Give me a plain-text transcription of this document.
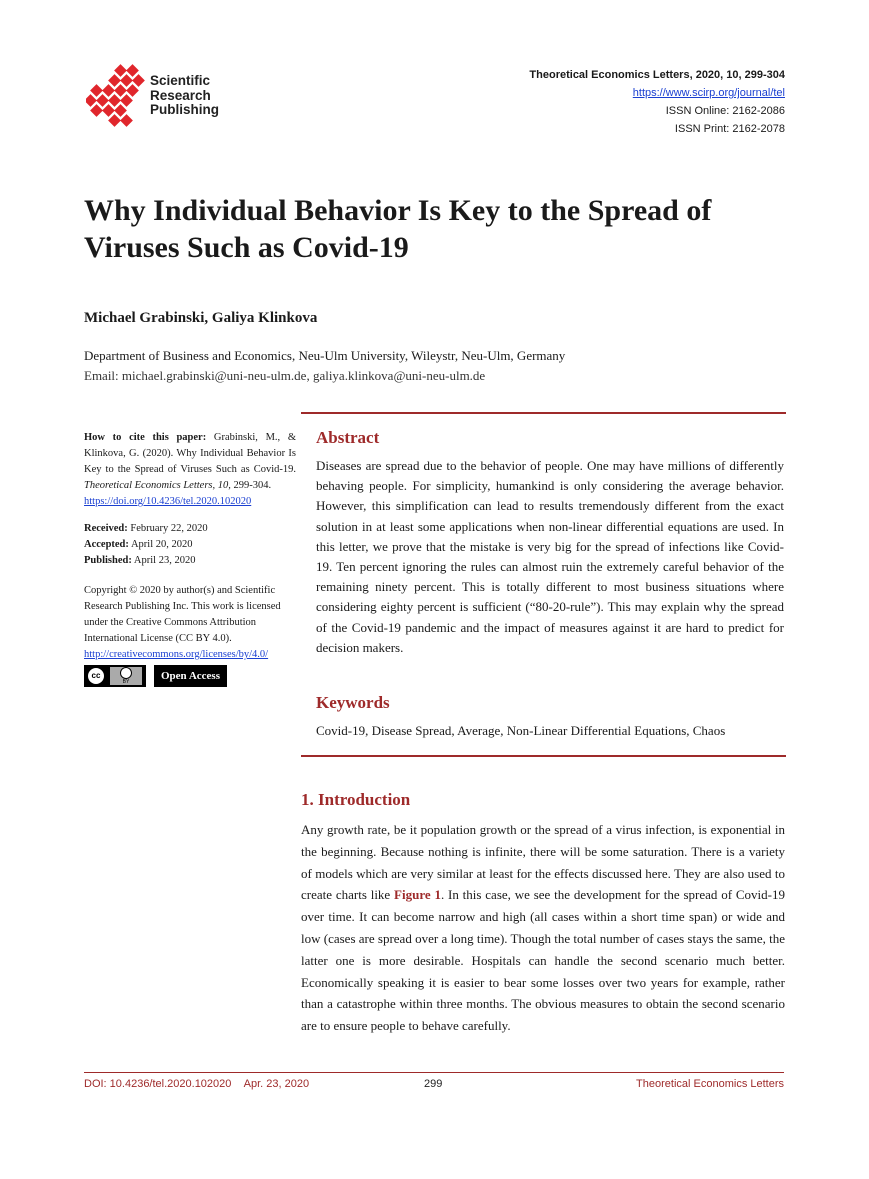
Scientific
Research
Publishing
Theoretical Economics Letters, 2020, 10, 299-304
https://www.scirp.org/journal/tel
ISSN Online: 2162-2086
ISSN Print: 2162-2078
Why Individual Behavior Is Key to the Spread of Viruses Such as Covid-19
Michael Grabinski, Galiya Klinkova
Department of Business and Economics, Neu-Ulm University, Wileystr, Neu-Ulm, Germany
Email: michael.grabinski@uni-neu-ulm.de, galiya.klinkova@uni-neu-ulm.de

How to cite this paper: Grabinski, M., & Klinkova, G. (2020). Why Individual Behavior Is Key to the Spread of Viruses Such as Covid-19. Theoretical Economics Letters, 10, 299-304.
https://doi.org/10.4236/tel.2020.102020

Received: February 22, 2020

Accepted: April 20, 2020

Published: April 23, 2020

Copyright © 2020 by author(s) and Scientific Research Publishing Inc. This work is licensed under the Creative Commons Attribution International License (CC BY 4.0).
http://creativecommons.org/licenses/by/4.0/

cc
BY	Open Access
Abstract

Diseases are spread due to the behavior of people. One may have millions of differently behaving people. For simplicity, humankind is only considering the average behavior. However, this simplification can lead to results tremendously different from the exact solution in at least some applications when non-linear differential equations are used. In this letter, we prove that the mistake is very big for the spread of infections like Covid-19. Ten percent ignoring the rules can almost ruin the extremely careful behavior of the remaining ninety percent. This is totally different to most business situations where considering eighty percent is sufficient (“80-20-rule”). This may explain why the spread of the Covid-19 pandemic and the impact of measures against it are hard to predict for decision makers.

Keywords

Covid-19, Disease Spread, Average, Non-Linear Differential Equations, Chaos

1. Introduction

Any growth rate, be it population growth or the spread of a virus infection, is exponential in the beginning. Because nothing is infinite, there will be some saturation. There is a variety of models which are very similar at least for the effects discussed here. They are also used to create charts like Figure 1. In this case, we see the development for the spread of Covid-19 over time. It can become narrow and high (all cases within a short time span) or wide and low (cases are spread over a long time). Though the total number of cases stays the same, the latter one is more desirable. Hospitals can handle the second scenario much better. Economically speaking it is easier to bear some losses over two years for example, rather than a catastrophe within three months. The obvious measures to obtain the second scenario are to ensure people to behave carefully.

DOI: 10.4236/tel.2020.102020 Apr. 23, 2020	299	Theoretical Economics Letters
